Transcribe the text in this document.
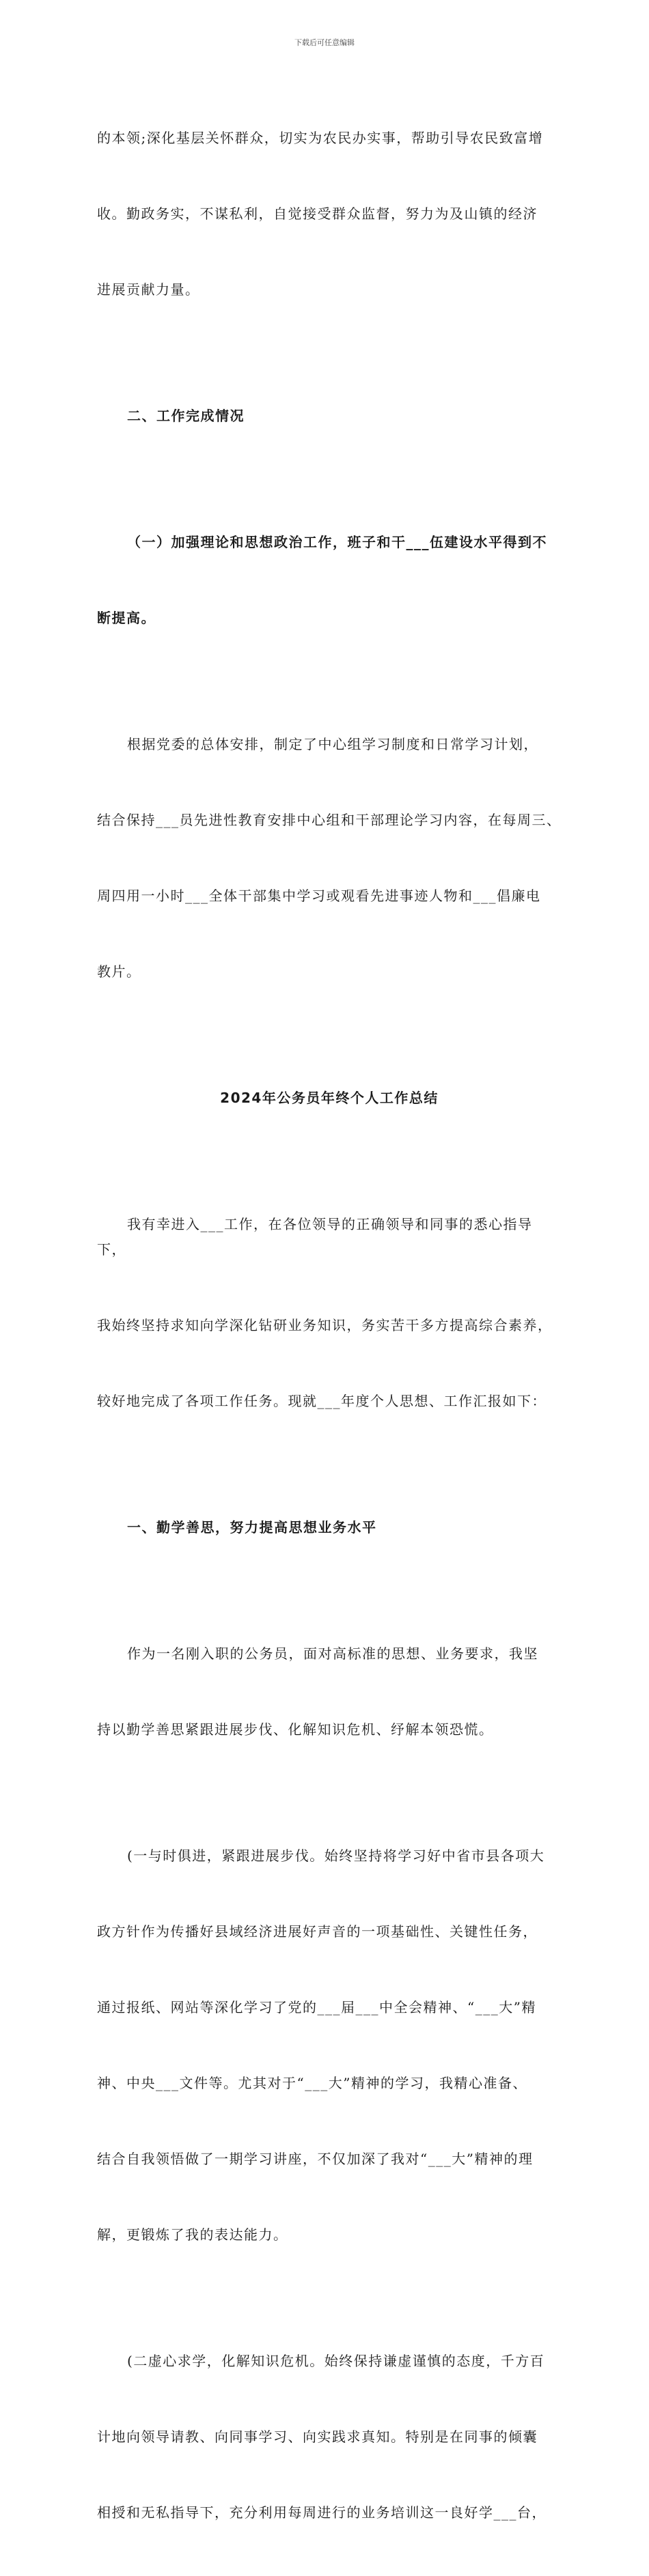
下载后可任意编辑

的本领;深化基层关怀群众，切实为农民办实事，帮助引导农民致富增

收。勤政务实，不谋私利，自觉接受群众监督，努力为及山镇的经济

进展贡献力量。

二、工作完成情况

（一）加强理论和思想政治工作，班子和干___伍建设水平得到不

断提高。

根据党委的总体安排，制定了中心组学习制度和日常学习计划，

结合保持___员先进性教育安排中心组和干部理论学习内容，在每周三、

周四用一小时___全体干部集中学习或观看先进事迹人物和___倡廉电

教片。

2024年公务员年终个人工作总结

我有幸进入___工作，在各位领导的正确领导和同事的悉心指导下，

我始终坚持求知向学深化钻研业务知识，务实苦干多方提高综合素养，

较好地完成了各项工作任务。现就___年度个人思想、工作汇报如下：

一、勤学善思，努力提高思想业务水平

作为一名刚入职的公务员，面对高标准的思想、业务要求，我坚

持以勤学善思紧跟进展步伐、化解知识危机、纾解本领恐慌。

(一与时俱进，紧跟进展步伐。始终坚持将学习好中省市县各项大

政方针作为传播好县域经济进展好声音的一项基础性、关键性任务，

通过报纸、网站等深化学习了党的___届___中全会精神、“___大”精

神、中央___文件等。尤其对于“___大”精神的学习，我精心准备、

结合自我领悟做了一期学习讲座，不仅加深了我对“___大”精神的理

解，更锻炼了我的表达能力。

(二虚心求学，化解知识危机。始终保持谦虚谨慎的态度，千方百

计地向领导请教、向同事学习、向实践求真知。特别是在同事的倾囊

相授和无私指导下，充分利用每周进行的业务培训这一良好学___台，
